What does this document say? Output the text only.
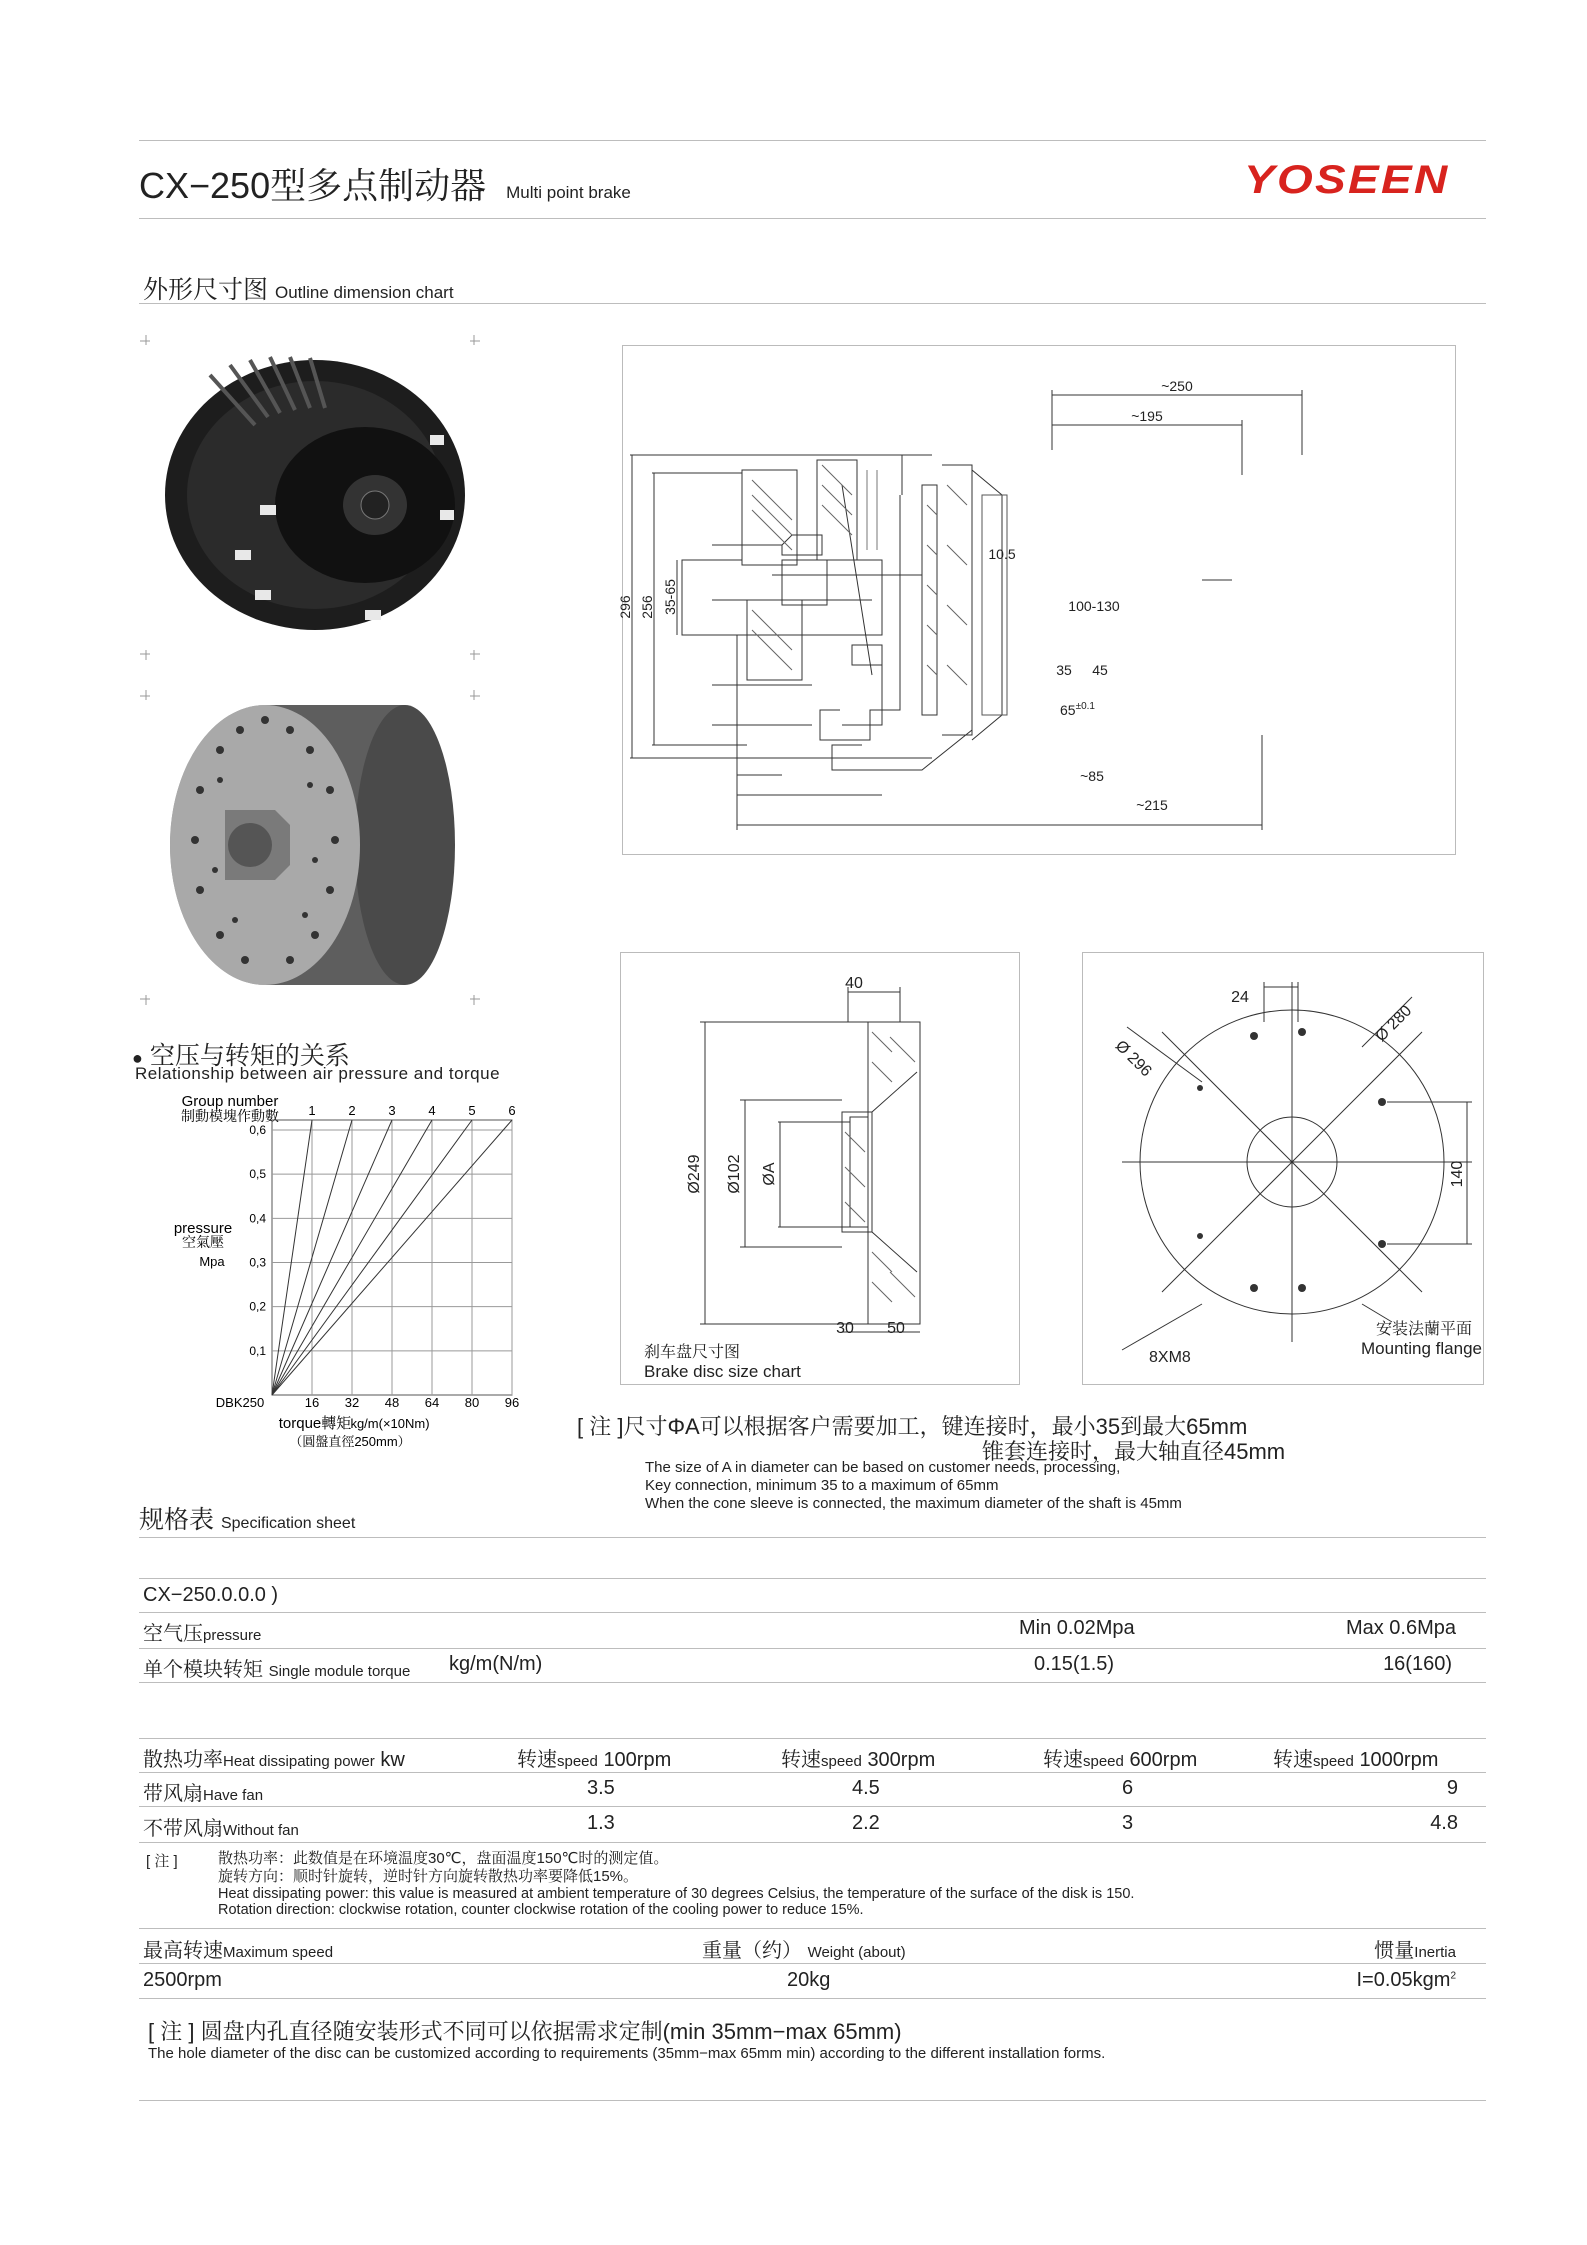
CX−250型多点制动器 Multi point brake	YOSEEN
外形尺寸图 Outline dimension chart
~250
~195
296 256 35-65
10.5
100-130
35 45
$65^{\pm 0.1}$
~85
~215
40
Ø249 Ø102 ØA
30 50
刹车盘尺寸图
Brake disc size chart
24
Ø 280
Ø 296
140
8XM8
安装法蘭平面
Mounting flange
● 空压与转矩的关系
Relationship between air pressure and torque
Group number
制動模塊作動數
pressure
空氣壓
Mpa
DBK250
torque轉矩 kg/m(×10Nm)
（圓盤直徑250mm）
0,1
0,2
0,3
0,4
0,5
0,6
16 32 48 64 80 96
1	2	3	4	5	6
[ 注 ]尺寸ΦA可以根据客户需要加工，键连接时，最小35到最大65mm
锥套连接时，最大轴直径45mm
The size of A in diameter can be based on customer needs, processing,
Key connection, minimum 35 to a maximum of 65mm
When the cone sleeve is connected, the maximum diameter of the shaft is 45mm
规格表 Specification sheet
CX−250.0.0.0 )
空气压pressure	Min 0.02Mpa	Max 0.6Mpa
单个模块转矩 Single module torque kg/m(N/m)	0.15(1.5)	16(160)
散热功率Heat dissipating power kw	转速speed 100rpm	转速speed 300rpm	转速speed 600rpm	转速speed 1000rpm
带风扇Have fan	3.5	4.5	6	9
不带风扇Without fan	1.3	2.2	3	4.8
[ 注 ]	散热功率：此数值是在环境温度30℃，盘面温度150℃时的测定值。
旋转方向：顺时针旋转，逆时针方向旋转散热功率要降低15%。
Heat dissipating power: this value is measured at ambient temperature of 30 degrees Celsius, the temperature of the surface of the disk is 150.
Rotation direction: clockwise rotation, counter clockwise rotation of the cooling power to reduce 15%.
最高转速Maximum speed	重量（约） Weight (about)	惯量Inertia
2500rpm	20kg	I=0.05kgm$^2$
[ 注 ] 圆盘内孔直径随安装形式不同可以依据需求定制(min 35mm−max 65mm)
The hole diameter of the disc can be customized according to requirements (35mm−max 65mm min) according to the different installation forms.
